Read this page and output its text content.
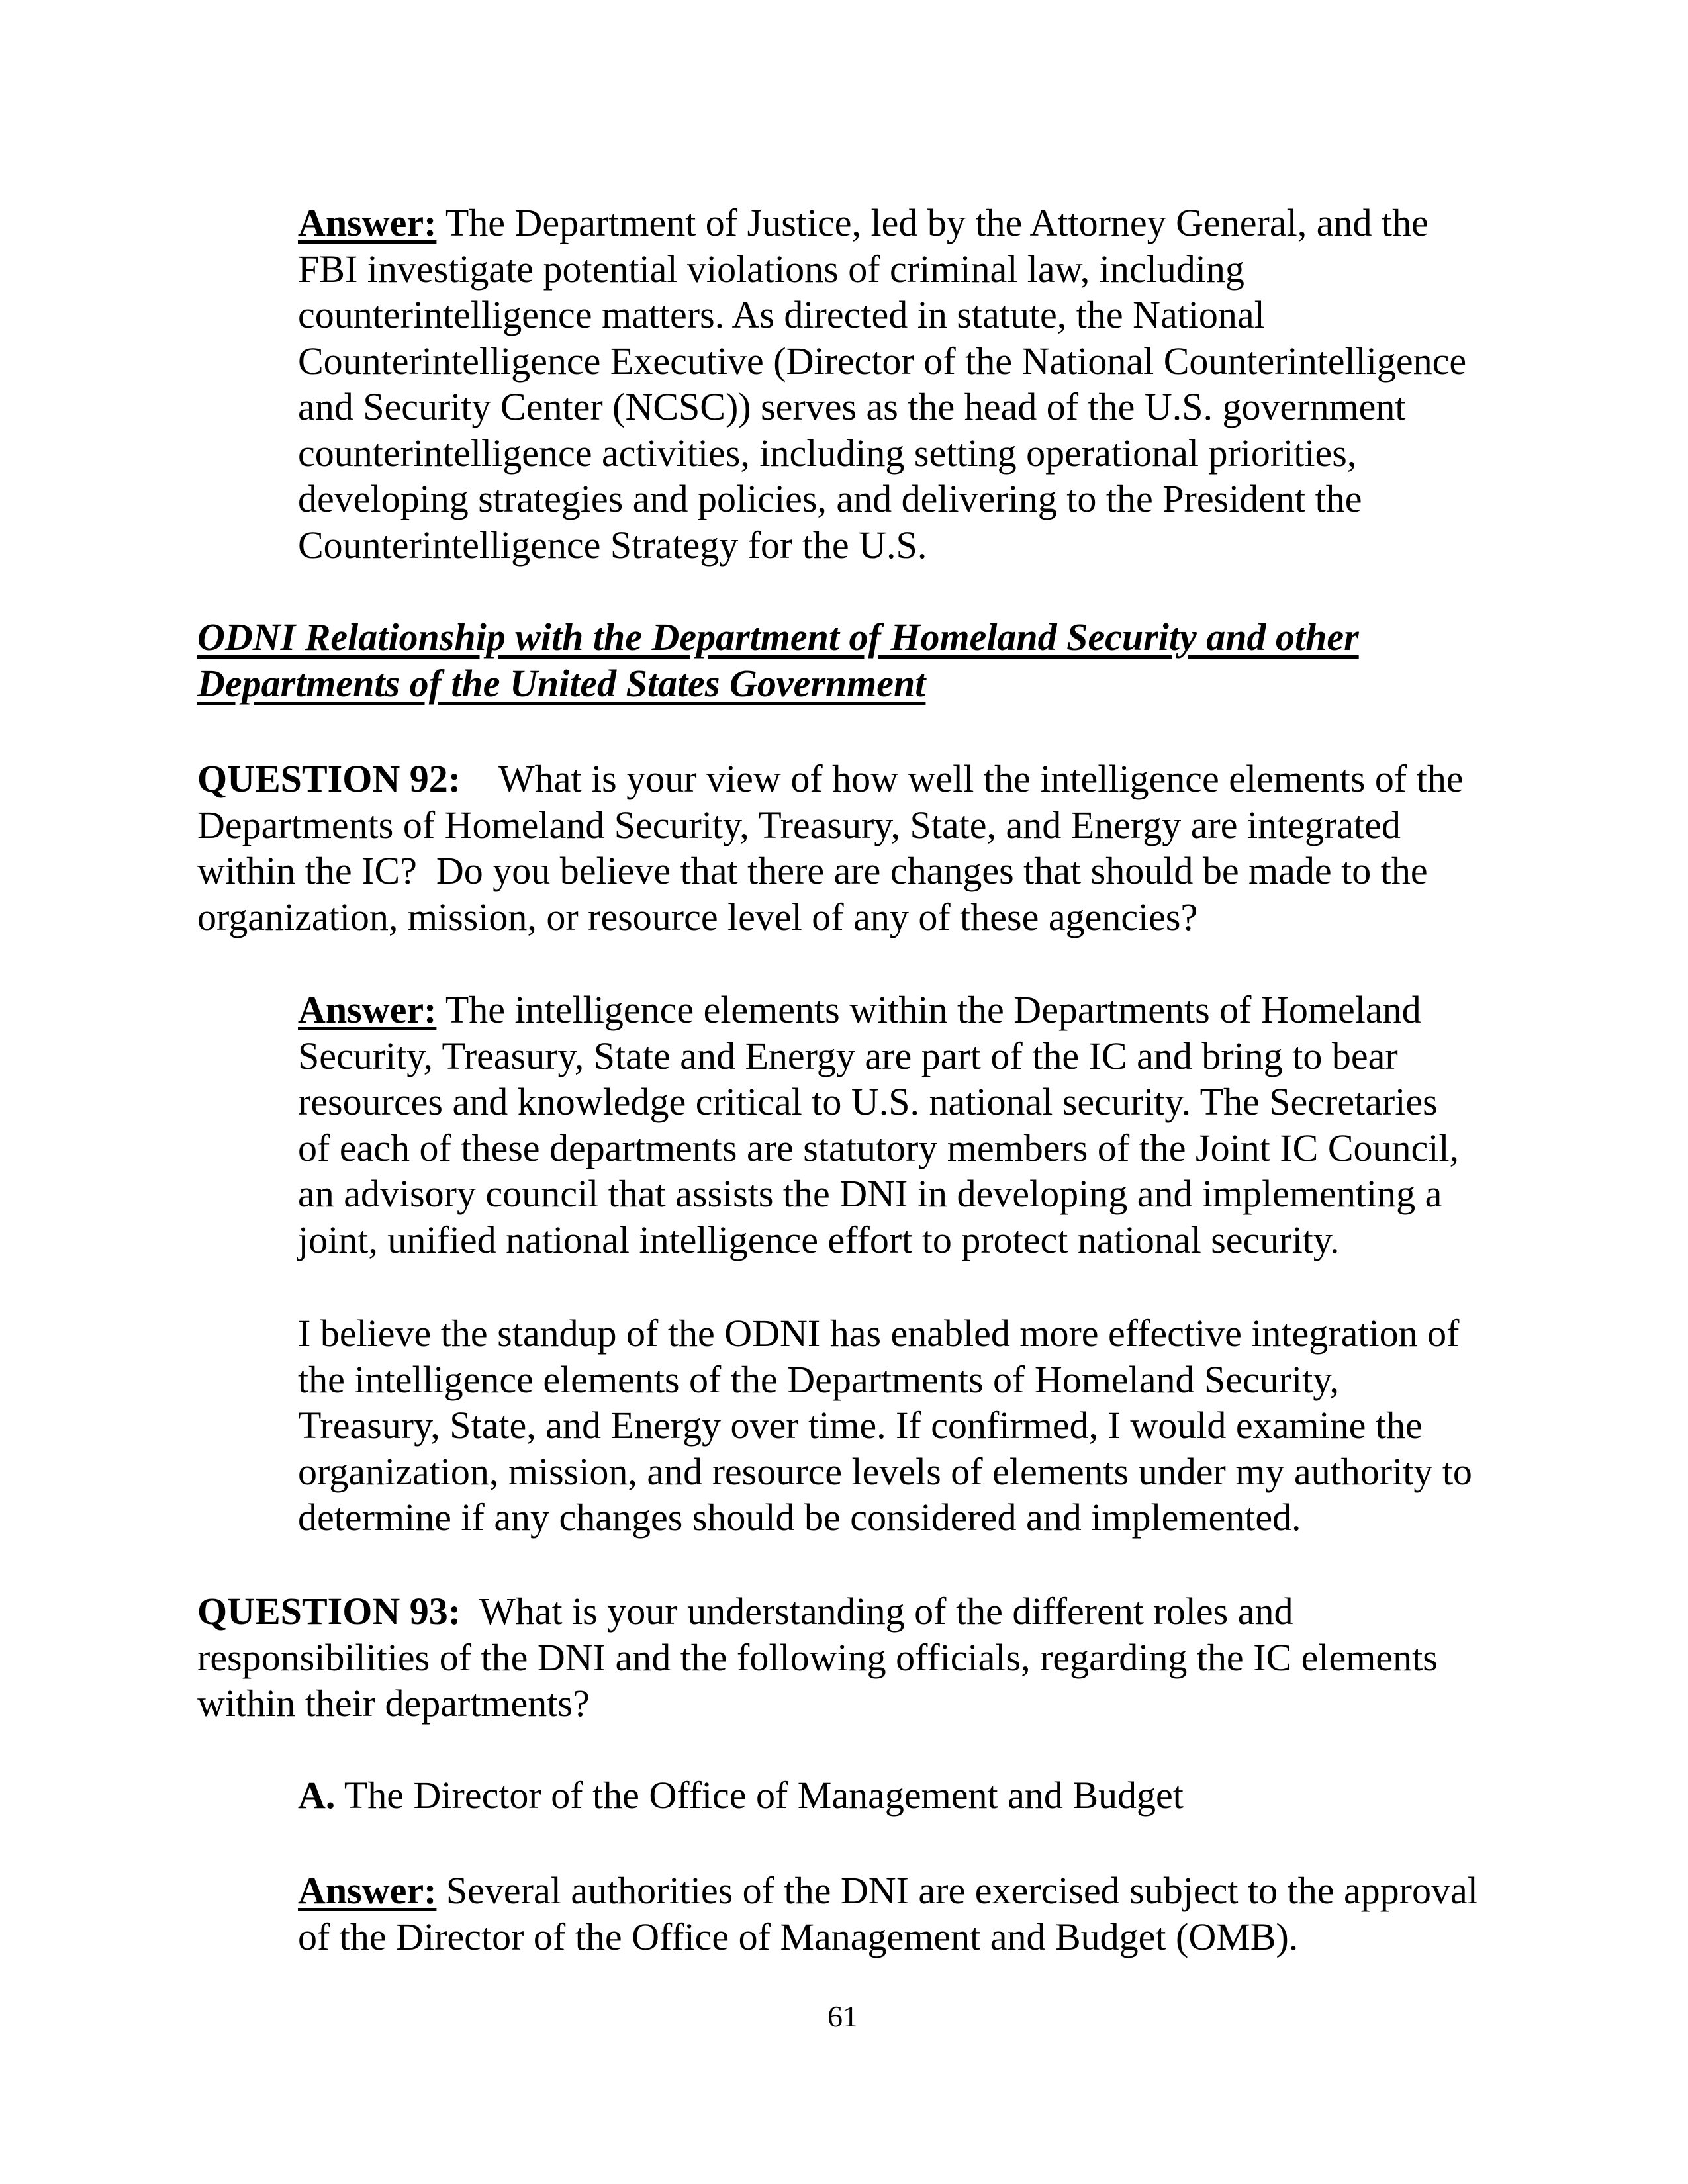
Answer: The Department of Justice, led by the Attorney General, and the
FBI investigate potential violations of criminal law, including
counterintelligence matters. As directed in statute, the National
Counterintelligence Executive (Director of the National Counterintelligence
and Security Center (NCSC)) serves as the head of the U.S. government
counterintelligence activities, including setting operational priorities,
developing strategies and policies, and delivering to the President the
Counterintelligence Strategy for the U.S.
ODNI Relationship with the Department of Homeland Security and other
Departments of the United States Government
QUESTION 92: What is your view of how well the intelligence elements of the
Departments of Homeland Security, Treasury, State, and Energy are integrated
within the IC?  Do you believe that there are changes that should be made to the
organization, mission, or resource level of any of these agencies?
Answer: The intelligence elements within the Departments of Homeland
Security, Treasury, State and Energy are part of the IC and bring to bear
resources and knowledge critical to U.S. national security. The Secretaries
of each of these departments are statutory members of the Joint IC Council,
an advisory council that assists the DNI in developing and implementing a
joint, unified national intelligence effort to protect national security.
I believe the standup of the ODNI has enabled more effective integration of
the intelligence elements of the Departments of Homeland Security,
Treasury, State, and Energy over time. If confirmed, I would examine the
organization, mission, and resource levels of elements under my authority to
determine if any changes should be considered and implemented.
QUESTION 93: What is your understanding of the different roles and
responsibilities of the DNI and the following officials, regarding the IC elements
within their departments?
A. The Director of the Office of Management and Budget
Answer: Several authorities of the DNI are exercised subject to the approval
of the Director of the Office of Management and Budget (OMB).
61
